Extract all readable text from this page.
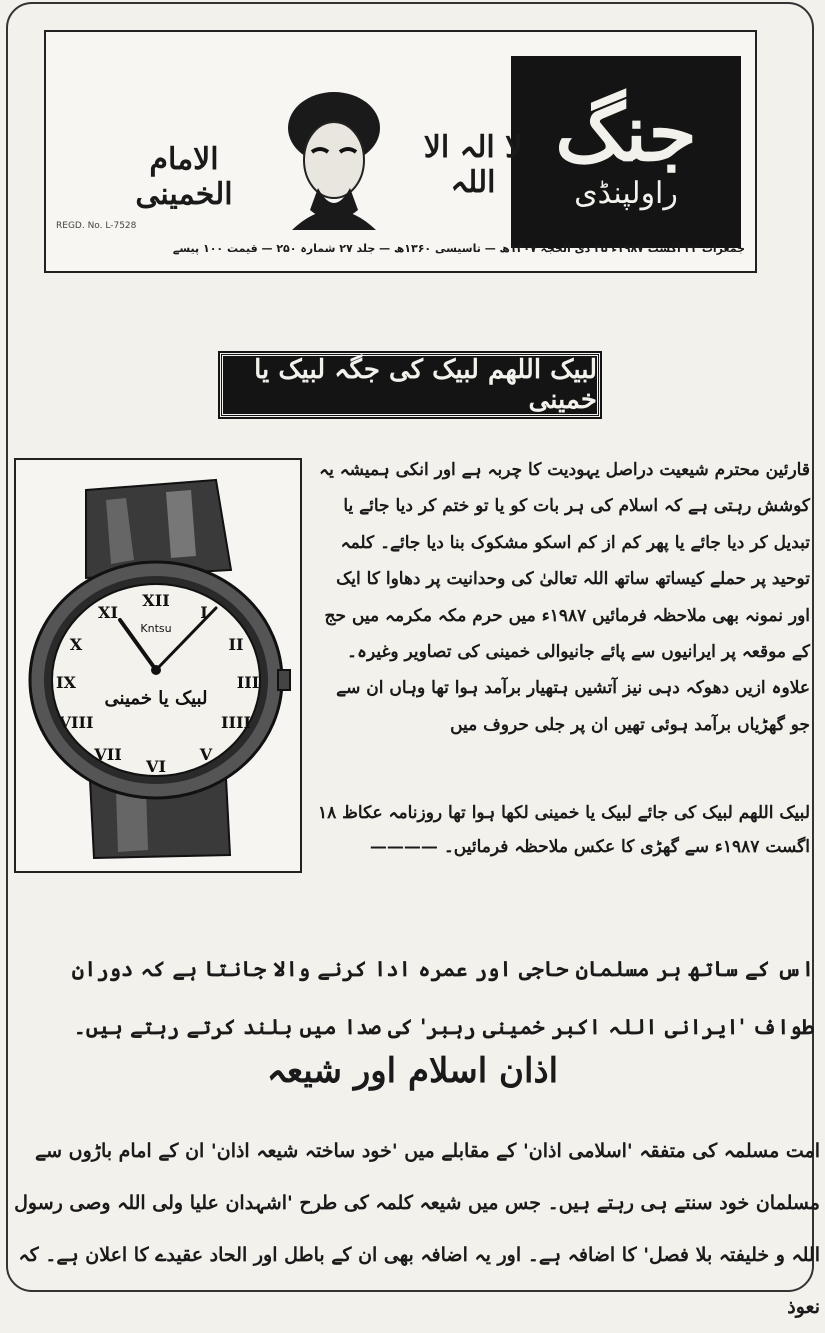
جنگ
راولپنڈی
لا الہ الا اللہ
الامام الخمینی
REGD. No. L-7528
جمعرات ۲۲ اگست ۱۹۸۷ء ۲۵ ذی الحجہ ۱۴۰۷ھ — تاسیسی ۱۳۶۰ھ — جلد ۲۷ شمارہ ۲۵۰ — قیمت ۱۰۰ پیسے
لبیک اللھم لبیک کی جگہ لبیک یا خمینی
XII
I
II
III
IIII
V
VI
VII
VIII
IX
X
XI
Kntsu
لبیک یا خمینی
قارئین محترم شیعیت دراصل یہودیت کا چربہ ہے اور انکی ہمیشہ یہ کوشش رہتی ہے کہ اسلام کی ہر بات کو یا تو ختم کر دیا جائے یا تبدیل کر دیا جائے یا پھر کم از کم اسکو مشکوک بنا دیا جائے۔ کلمہ توحید پر حملے کیساتھ ساتھ اللہ تعالیٰ کی وحدانیت پر دھاوا کا ایک اور نمونہ بھی ملاحظہ فرمائیں ۱۹۸۷ء میں حرم مکہ مکرمہ میں حج کے موقعہ پر ایرانیوں سے پائے جانیوالی خمینی کی تصاویر وغیرہ۔ علاوہ ازیں دھوکہ دہی نیز آتشیں ہتھیار برآمد ہوا تھا وہاں ان سے جو گھڑیاں برآمد ہوئی تھیں ان پر جلی حروف میں
لبیک اللھم لبیک کی جائے لبیک یا خمینی لکھا ہوا تھا روزنامہ عکاظ ۱۸ اگست ۱۹۸۷ء سے گھڑی کا عکس ملاحظہ فرمائیں۔ ————
اس کے ساتھ ہر مسلمان حاجی اور عمرہ ادا کرنے والا جانتا ہے کہ دوران طواف 'ایرانی اللہ اکبر خمینی رہبر' کی صدا میں بلند کرتے رہتے ہیں۔
اذان اسلام اور شیعہ
امت مسلمہ کی متفقہ 'اسلامی اذان' کے مقابلے میں 'خود ساختہ شیعہ اذان' ان کے امام باڑوں سے مسلمان خود سنتے ہی رہتے ہیں۔ جس میں شیعہ کلمہ کی طرح 'اشہدان علیا ولی اللہ وصی رسول اللہ و خلیفتہ بلا فصل' کا اضافہ ہے۔ اور یہ اضافہ بھی ان کے باطل اور الحاد عقیدے کا اعلان ہے۔ کہ نعوذ
